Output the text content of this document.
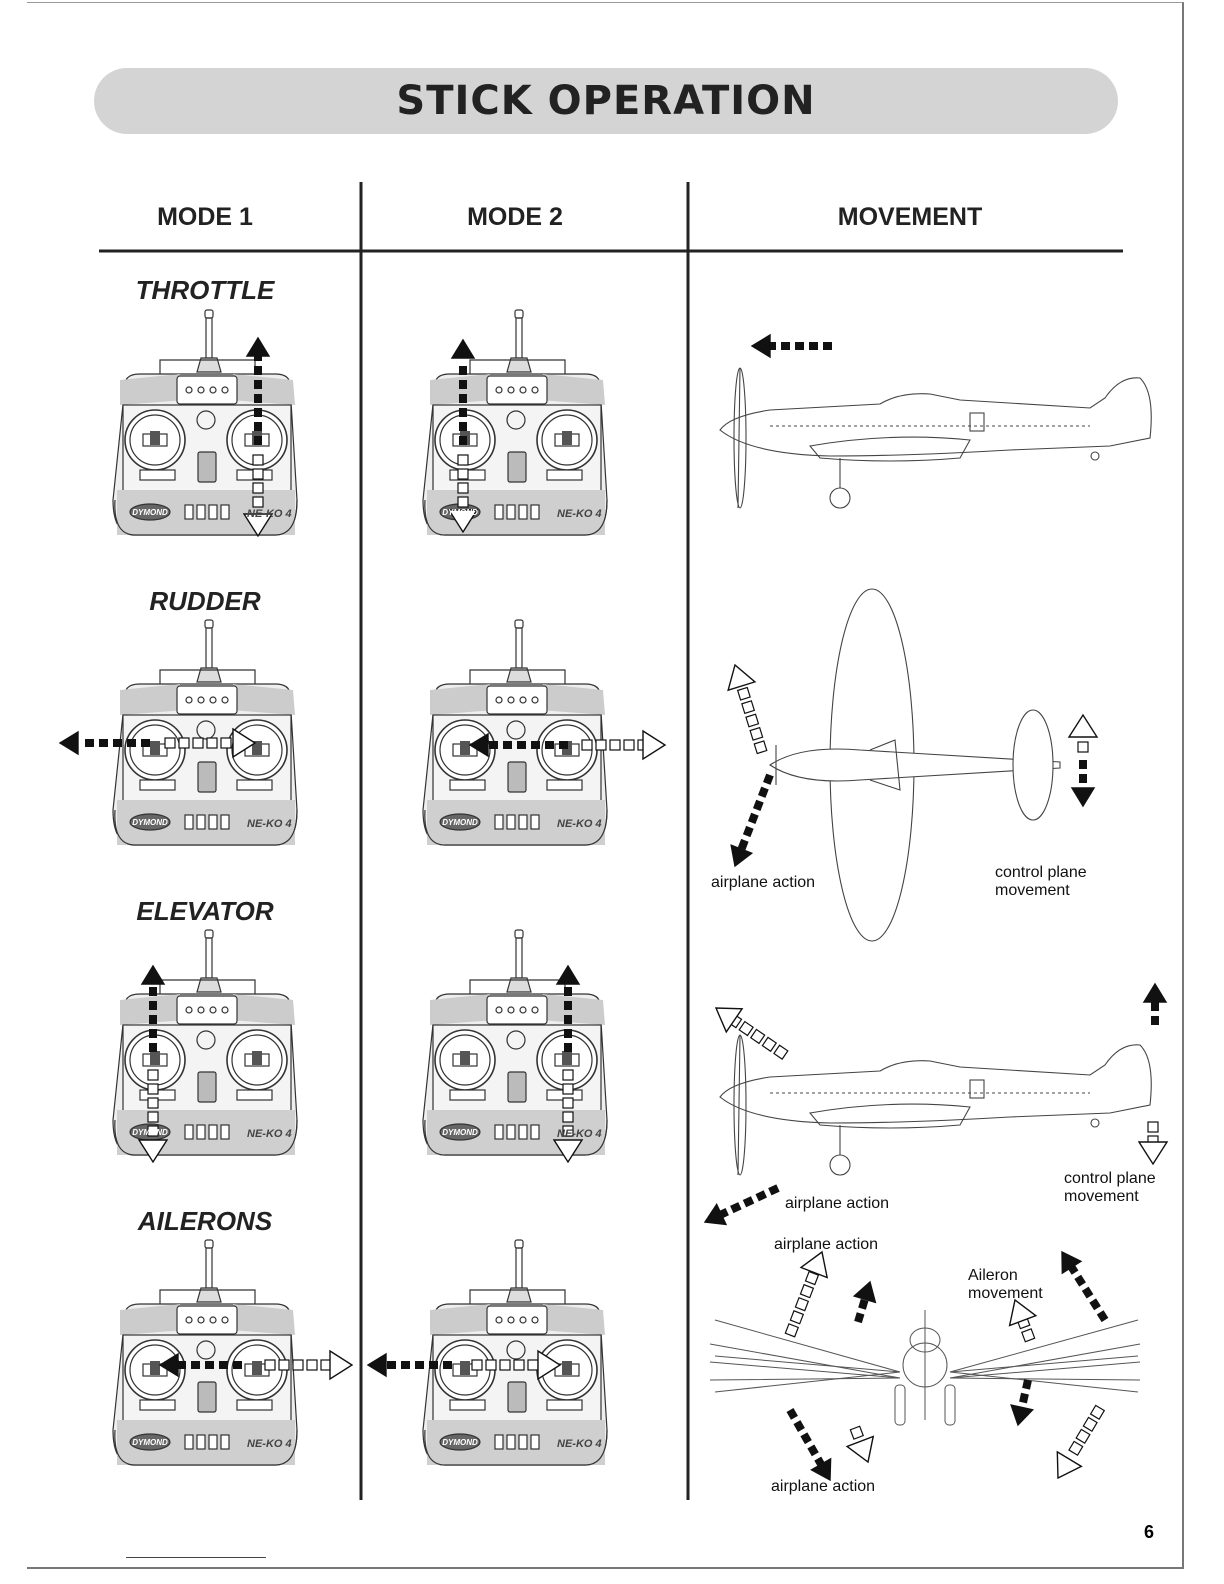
STICK OPERATION
MODE 1	MODE 2	MOVEMENT
THROTTLE
RUDDER
ELEVATOR
AILERONS
airplane action
control plane movement
airplane action
control plane movement
airplane action
Aileron movement
airplane action
6
DYMOND	NE-KO 4	DYMOND	NE-KO 4
DYMOND	NE-KO 4	DYMOND	NE-KO 4
DYMOND	NE-KO 4	DYMOND	NE-KO 4
DYMOND	NE-KO 4	DYMOND	NE-KO 4
